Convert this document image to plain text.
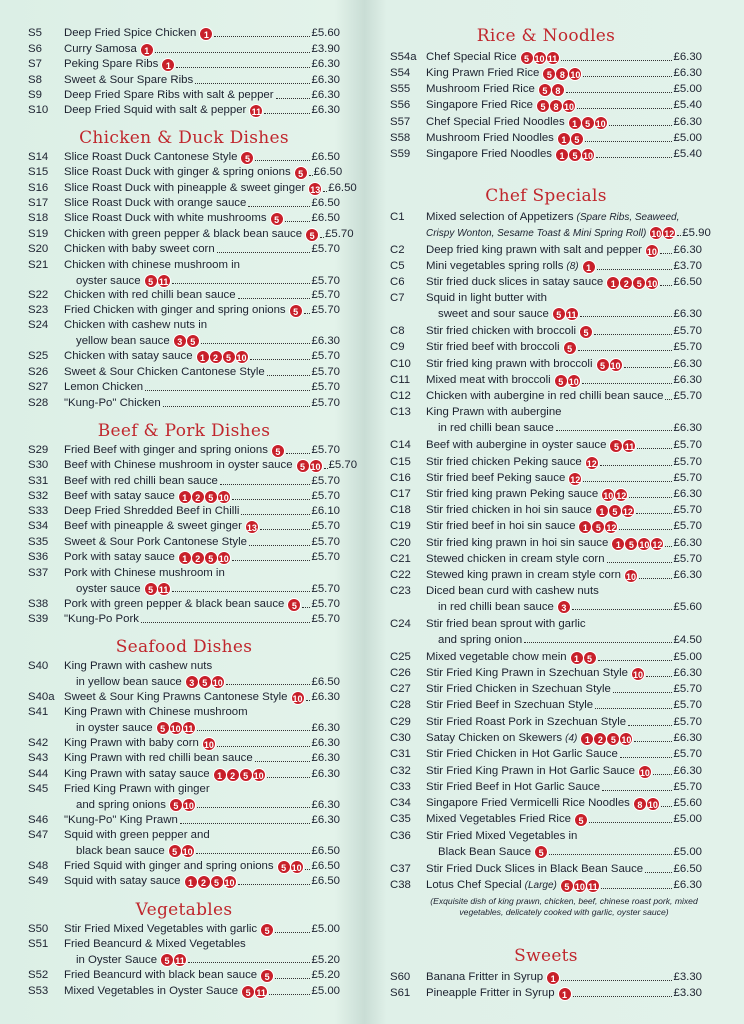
S5	Deep Fried Spice Chicken 1	£5.60
S6	Curry Samosa 1	£3.90
S7	Peking Spare Ribs 1	£6.30
S8	Sweet & Sour Spare Ribs	£6.30
S9	Deep Fried Spare Ribs with salt & pepper	£6.30
S10	Deep Fried Squid with salt & pepper 11	£6.30
Chicken & Duck Dishes
S14	Slice Roast Duck Cantonese Style 5	£6.50
S15	Slice Roast Duck with ginger & spring onions 5 £6.50
S16	Slice Roast Duck with pineapple & sweet ginger 13 £6.50
S17	Slice Roast Duck with orange sauce	£6.50
S18	Slice Roast Duck with white mushrooms 5	£6.50
S19	Chicken with green pepper & black bean sauce 5 £5.70
S20	Chicken with baby sweet corn	£5.70
S21	Chicken with chinese mushroom in
oyster sauce 5 11	£5.70
S22	Chicken with red chilli bean sauce	£5.70
S23	Fried Chicken with ginger and spring onions 5	£5.70
S24	Chicken with cashew nuts in
yellow bean sauce 3 5	£6.30
S25	Chicken with satay sauce 1 2 5 10	£5.70
S26	Sweet & Sour Chicken Cantonese Style	£5.70
S27	Lemon Chicken	£5.70
S28	"Kung-Po" Chicken	£5.70
Beef & Pork Dishes
S29	Fried Beef with ginger and spring onions 5	£5.70
S30	Beef with Chinese mushroom in oyster sauce 5 10 £5.70
S31	Beef with red chilli bean sauce	£5.70
S32	Beef with satay sauce 1 2 5 10	£5.70
S33	Deep Fried Shredded Beef in Chilli	£6.10
S34	Beef with pineapple & sweet ginger 13	£5.70
S35	Sweet & Sour Pork Cantonese Style	£5.70
S36	Pork with satay sauce 1 2 5 10	£5.70
S37	Pork with Chinese mushroom in
oyster sauce 5 11	£5.70
S38	Pork with green pepper & black bean sauce 5	£5.70
S39	"Kung-Po Pork	£5.70
Seafood Dishes
S40	King Prawn with cashew nuts
in yellow bean sauce 3 5 10	£6.50
S40a Sweet & Sour King Prawns Cantonese Style 10 £6.30
S41	King Prawn with Chinese mushroom
in oyster sauce 5 10 11	£6.30
S42	King Prawn with baby corn 10	£6.30
S43	King Prawn with red chilli bean sauce	£6.30
S44	King Prawn with satay sauce 1 2 5 10	£6.30
S45	Fried King Prawn with ginger
and spring onions 5 10	£6.30
S46	"Kung-Po" King Prawn	£6.30
S47	Squid with green pepper and
black bean sauce 5 10	£6.50
S48	Fried Squid with ginger and spring onions 5 10 £6.50
S49	Squid with satay sauce 1 2 5 10	£6.50
Vegetables
S50	Stir Fried Mixed Vegetables with garlic 5	£5.00
S51	Fried Beancurd & Mixed Vegetables
in Oyster Sauce 5 11	£5.20
S52	Fried Beancurd with black bean sauce 5	£5.20
S53	Mixed Vegetables in Oyster Sauce 5 11	£5.00
Rice & Noodles
S54a Chef Special Rice 5 10 11	£6.30
S54	King Prawn Fried Rice 5 8 10	£6.30
S55	Mushroom Fried Rice 5 8	£5.00
S56	Singapore Fried Rice 5 8 10	£5.40
S57	Chef Special Fried Noodles 1 5 10	£6.30
S58	Mushroom Fried Noodles 1 5	£5.00
S59	Singapore Fried Noodles 1 5 10	£5.40
Chef Specials
C1	Mixed selection of Appetizers (Spare Ribs, Seaweed,
Crispy Wonton, Sesame Toast & Mini Spring Roll) 10 12 £5.90
C2	Deep fried king prawn with salt and pepper 10 £6.30
C5	Mini vegetables spring rolls (8) 1	£3.70
C6	Stir fried duck slices in satay sauce 1 2 5 10 £6.50
C7	Squid in light butter with
sweet and sour sauce 5 11	£6.30
C8	Stir fried chicken with broccoli 5	£5.70
C9	Stir fried beef with broccoli 5	£5.70
C10	Stir fried king prawn with broccoli 5 10	£6.30
C11	Mixed meat with broccoli 5 10	£6.30
C12	Chicken with aubergine in red chilli bean sauce £5.70
C13	King Prawn with aubergine
in red chilli bean sauce	£6.30
C14	Beef with aubergine in oyster sauce 5 11	£5.70
C15	Stir fried chicken Peking sauce 12	£5.70
C16	Stir fried beef Peking sauce 12	£5.70
C17	Stir fried king prawn Peking sauce 10 12	£6.30
C18	Stir fried chicken in hoi sin sauce 1 5 12	£5.70
C19	Stir fried beef in hoi sin sauce 1 5 12	£5.70
C20	Stir fried king prawn in hoi sin sauce 1 5 10 12 £6.30
C21	Stewed chicken in cream style corn	£5.70
C22	Stewed king prawn in cream style corn 10	£6.30
C23	Diced bean curd with cashew nuts
in red chilli bean sauce 3	£5.60
C24	Stir fried bean sprout with garlic
and spring onion	£4.50
C25	Mixed vegetable chow mein 1 5	£5.00
C26	Stir Fried King Prawn in Szechuan Style 10	£6.30
C27	Stir Fried Chicken in Szechuan Style	£5.70
C28	Stir Fried Beef in Szechuan Style	£5.70
C29	Stir Fried Roast Pork in Szechuan Style	£5.70
C30	Satay Chicken on Skewers (4) 1 2 5 10	£6.30
C31	Stir Fried Chicken in Hot Garlic Sauce	£5.70
C32	Stir Fried King Prawn in Hot Garlic Sauce 10 £6.30
C33	Stir Fried Beef in Hot Garlic Sauce	£5.70
C34	Singapore Fried Vermicelli Rice Noodles 8 10 £5.60
C35	Mixed Vegetables Fried Rice 5	£5.00
C36	Stir Fried Mixed Vegetables in
Black Bean Sauce 5	£5.00
C37	Stir Fried Duck Slices in Black Bean Sauce	£6.50
C38	Lotus Chef Special (Large) 5 10 11	£6.30
(Exquisite dish of king prawn, chicken, beef, chinese roast pork, mixed vegetables, delicately cooked with garlic, oyster sauce)
Sweets
S60	Banana Fritter in Syrup 1	£3.30
S61	Pineapple Fritter in Syrup 1	£3.30
